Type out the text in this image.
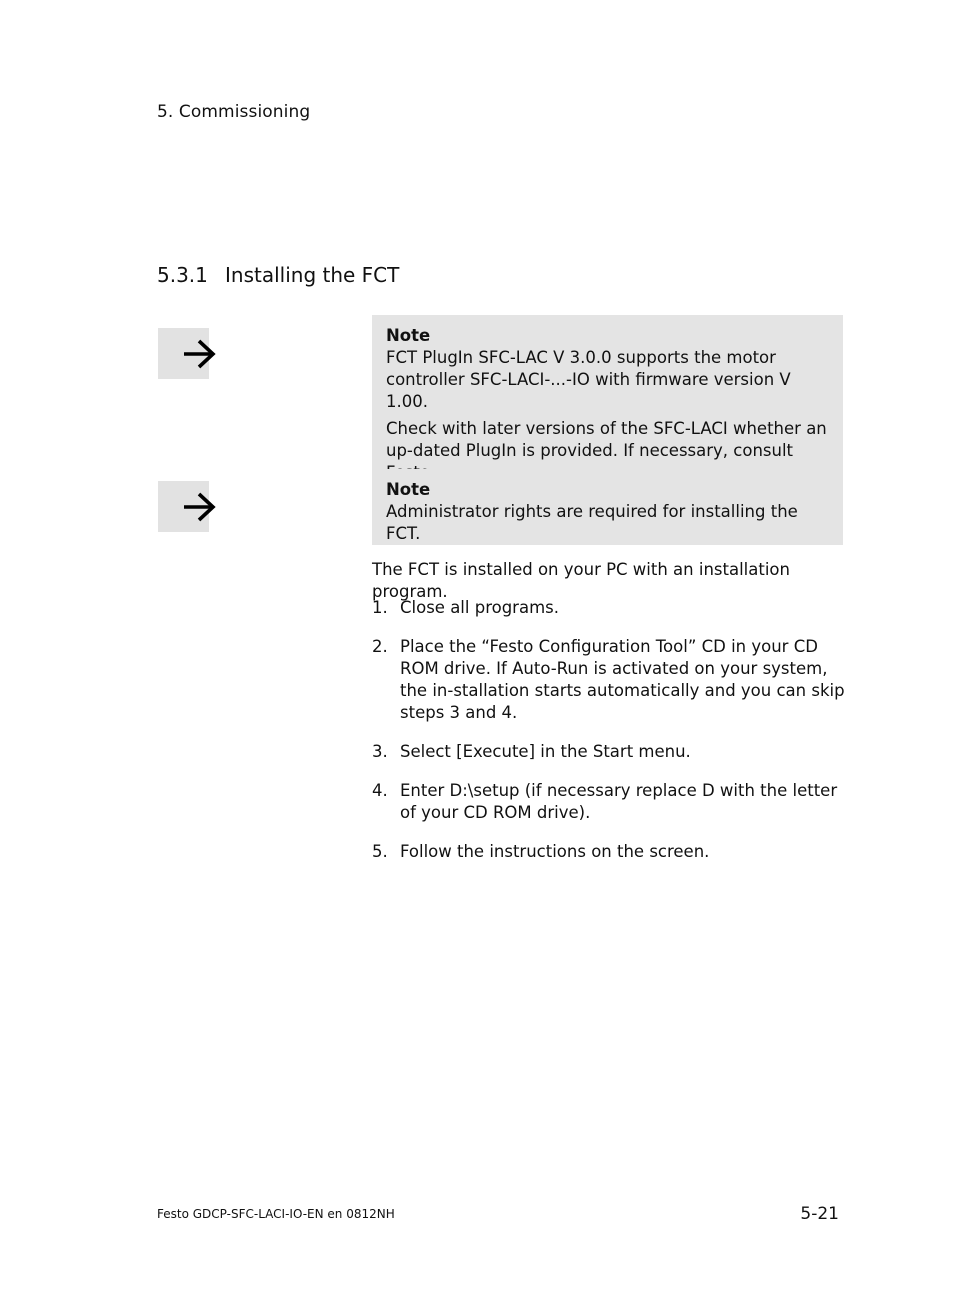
5. Commissioning
5.3.1 Installing the FCT
Note

FCT PlugIn SFC-LAC V 3.0.0 supports the motor controller SFC-LACI-...-IO with firmware version V 1.00.

Check with later versions of the SFC-LACI whether an up-dated PlugIn is provided. If necessary, consult

Note

Administrator rights are required for installing the FCT.

The FCT is installed on your PC with an installation program.
1. Close all programs.
2. Place the “Festo Configuration Tool” CD in your CD ROM drive. If Auto-Run is activated on your system, the in-stallation starts automatically and you can skip steps 3 and 4.
3. Select [Execute] in the Start menu.
4. Enter D:\setup (if necessary replace D with the letter of your CD ROM drive).
5. Follow the instructions on the screen.
Festo GDCP-SFC-LACI-IO-EN en 0812NH	5-21
